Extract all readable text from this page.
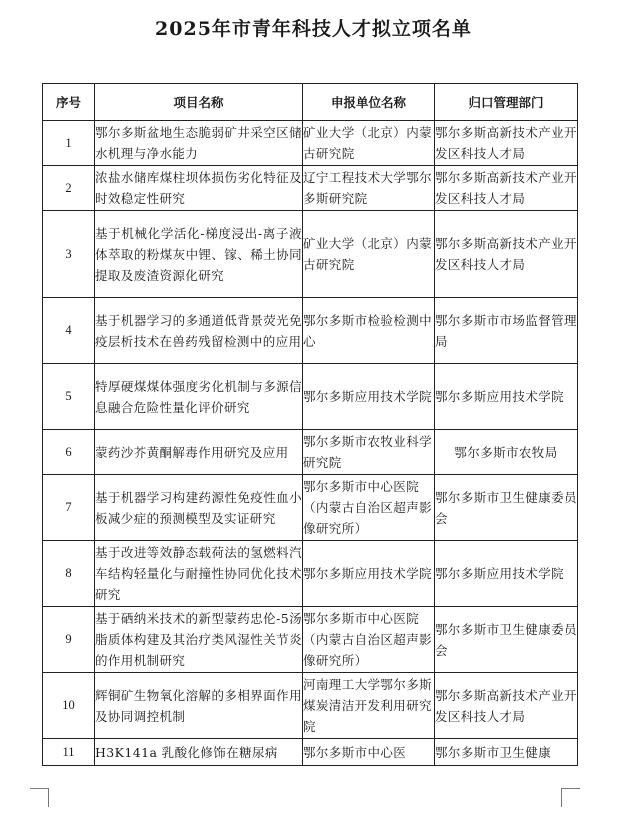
2025年市青年科技人才拟立项名单
序号	项目名称	申报单位名称	归口管理部门
1	鄂尔多斯盆地生态脆弱矿井采空区储水机理与净水能力	矿业大学（北京）内蒙古研究院	鄂尔多斯高新技术产业开发区科技人才局
2	浓盐水储库煤柱坝体损伤劣化特征及时效稳定性研究	辽宁工程技术大学鄂尔多斯研究院	鄂尔多斯高新技术产业开发区科技人才局
3	基于机械化学活化-梯度浸出-离子液体萃取的粉煤灰中锂、镓、稀土协同提取及废渣资源化研究	矿业大学（北京）内蒙古研究院	鄂尔多斯高新技术产业开发区科技人才局
4	基于机器学习的多通道低背景荧光免疫层析技术在兽药残留检测中的应用	鄂尔多斯市检验检测中心	鄂尔多斯市市场监督管理局
5	特厚硬煤煤体强度劣化机制与多源信息融合危险性量化评价研究	鄂尔多斯应用技术学院	鄂尔多斯应用技术学院
6	蒙药沙芥黄酮解毒作用研究及应用	鄂尔多斯市农牧业科学研究院	鄂尔多斯市农牧局
7	基于机器学习构建药源性免疫性血小板减少症的预测模型及实证研究	鄂尔多斯市中心医院（内蒙古自治区超声影像研究所）	鄂尔多斯市卫生健康委员会
8	基于改进等效静态载荷法的氢燃料汽车结构轻量化与耐撞性协同优化技术研究	鄂尔多斯应用技术学院	鄂尔多斯应用技术学院
9	基于硒纳米技术的新型蒙药忠伦-5汤脂质体构建及其治疗类风湿性关节炎的作用机制研究	鄂尔多斯市中心医院（内蒙古自治区超声影像研究所）	鄂尔多斯市卫生健康委员会
10	辉铜矿生物氧化溶解的多相界面作用及协同调控机制	河南理工大学鄂尔多斯煤炭清洁开发利用研究院	鄂尔多斯高新技术产业开发区科技人才局
11	H3K141a 乳酸化修饰在糖尿病	鄂尔多斯市中心医	鄂尔多斯市卫生健康
